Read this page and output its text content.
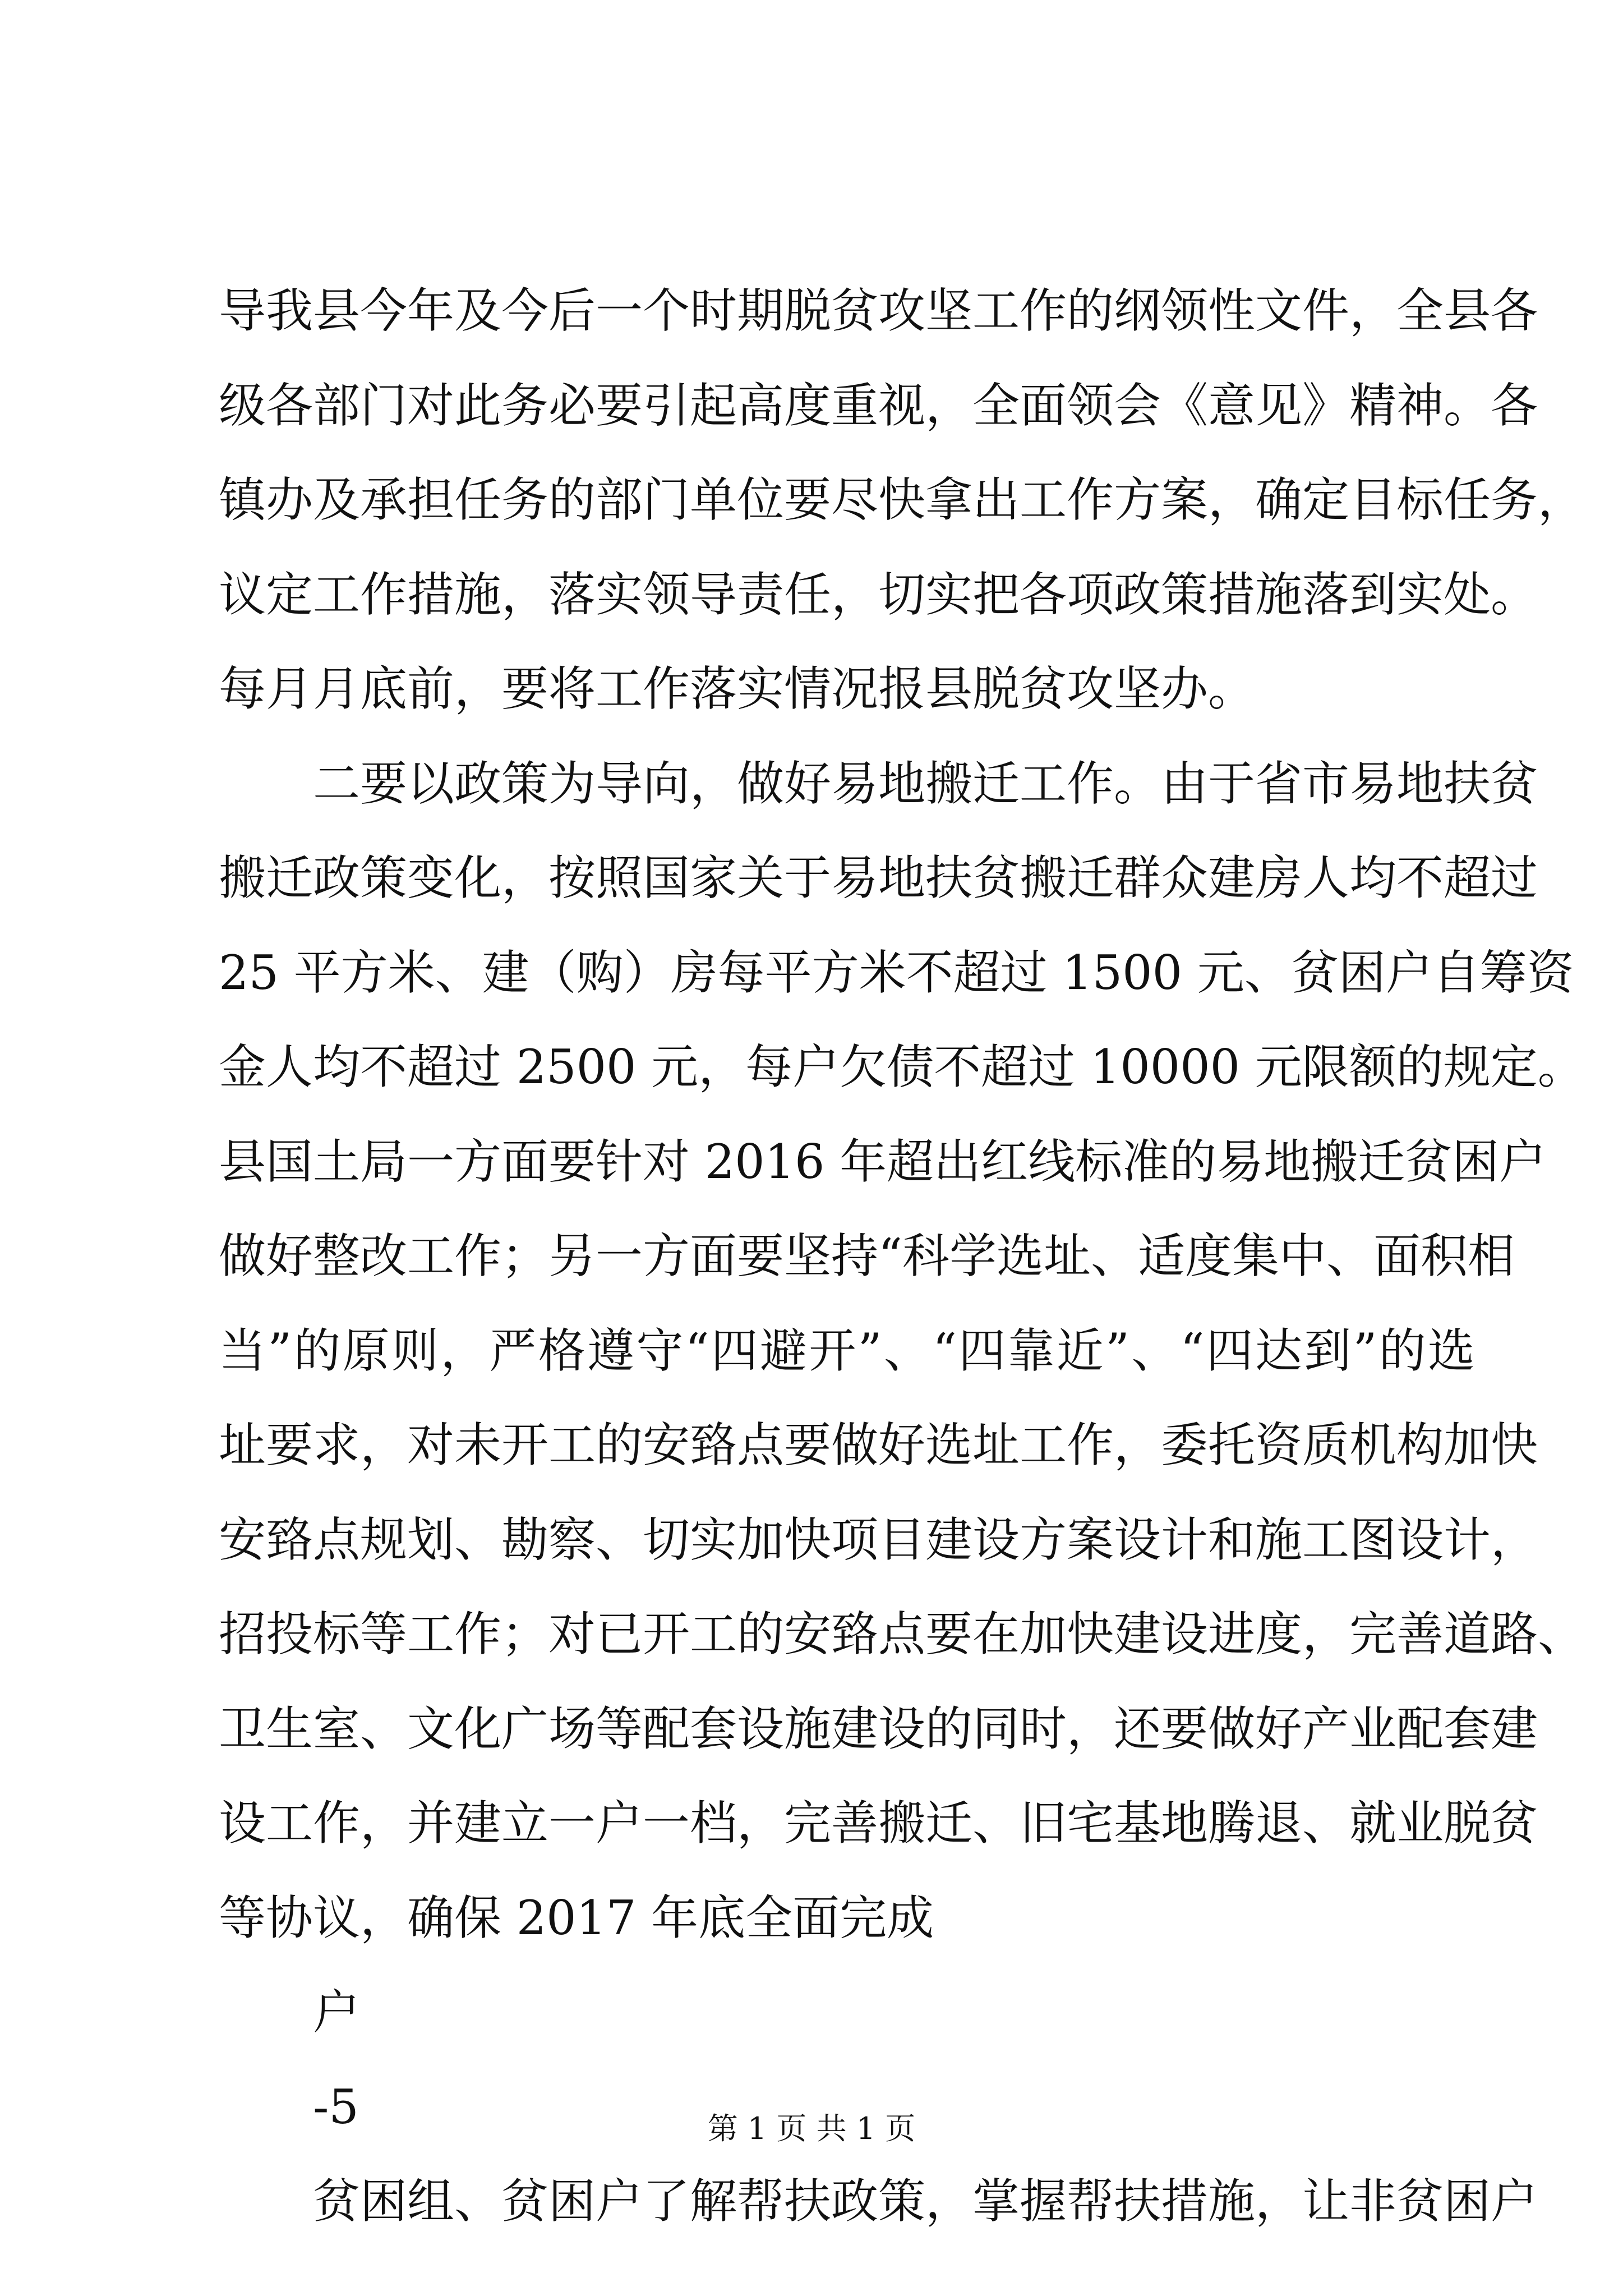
导我县今年及今后一个时期脱贫攻坚工作的纲领性文件，全县各
级各部门对此务必要引起高度重视，全面领会《意见》精神。各
镇办及承担任务的部门单位要尽快拿出工作方案，确定目标任务，
议定工作措施，落实领导责任，切实把各项政策措施落到实处。
每月月底前，要将工作落实情况报县脱贫攻坚办。
二要以政策为导向，做好易地搬迁工作。由于省市易地扶贫
搬迁政策变化，按照国家关于易地扶贫搬迁群众建房人均不超过
25 平方米、建（购）房每平方米不超过 1500 元、贫困户自筹资
金人均不超过 2500 元，每户欠债不超过 10000 元限额的规定。
县国土局一方面要针对 2016 年超出红线标准的易地搬迁贫困户
做好整改工作；另一方面要坚持“科学选址、适度集中、面积相
当”的原则，严格遵守“四避开”、“四靠近”、“四达到”的选
址要求，对未开工的安臵点要做好选址工作，委托资质机构加快
安臵点规划、勘察、切实加快项目建设方案设计和施工图设计，
招投标等工作；对已开工的安臵点要在加快建设进度，完善道路、
卫生室、文化广场等配套设施建设的同时，还要做好产业配套建
设工作，并建立一户一档，完善搬迁、旧宅基地腾退、就业脱贫
等协议，确保 2017 年底全面完成
户
-5
贫困组、贫困户了解帮扶政策，掌握帮扶措施，让非贫困户
第 1 页 共 1 页
